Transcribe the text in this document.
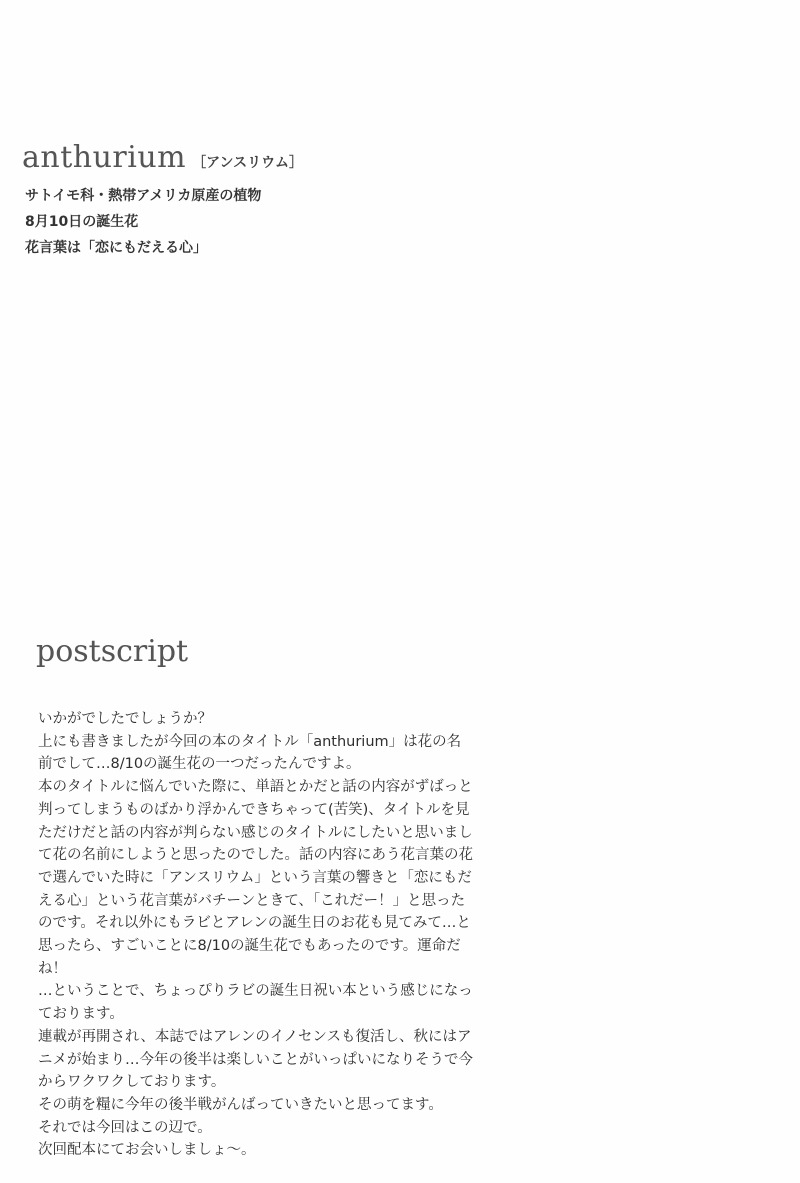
anthurium ［アンスリウム］
サトイモ科・熱帯アメリカ原産の植物
8月10日の誕生花
花言葉は「恋にもだえる心」
postscript
いかがでしたでしょうか？
上にも書きましたが今回の本のタイトル「anthurium」は花の名
前でして…8/10の誕生花の一つだったんですよ。
本のタイトルに悩んでいた際に、単語とかだと話の内容がずばっと
判ってしまうものばかり浮かんできちゃって(苦笑)、タイトルを見
ただけだと話の内容が判らない感じのタイトルにしたいと思いまし
て花の名前にしようと思ったのでした。話の内容にあう花言葉の花
で選んでいた時に「アンスリウム」という言葉の響きと「恋にもだ
える心」という花言葉がバチーンときて、「これだー！」と思った
のです。それ以外にもラビとアレンの誕生日のお花も見てみて…と
思ったら、すごいことに8/10の誕生花でもあったのです。運命だ
ね！
…ということで、ちょっぴりラビの誕生日祝い本という感じになっ
ております。
連載が再開され、本誌ではアレンのイノセンスも復活し、秋にはア
ニメが始まり…今年の後半は楽しいことがいっぱいになりそうで今
からワクワクしております。
その萌を糧に今年の後半戦がんばっていきたいと思ってます。
それでは今回はこの辺で。
次回配本にてお会いしましょ〜。
